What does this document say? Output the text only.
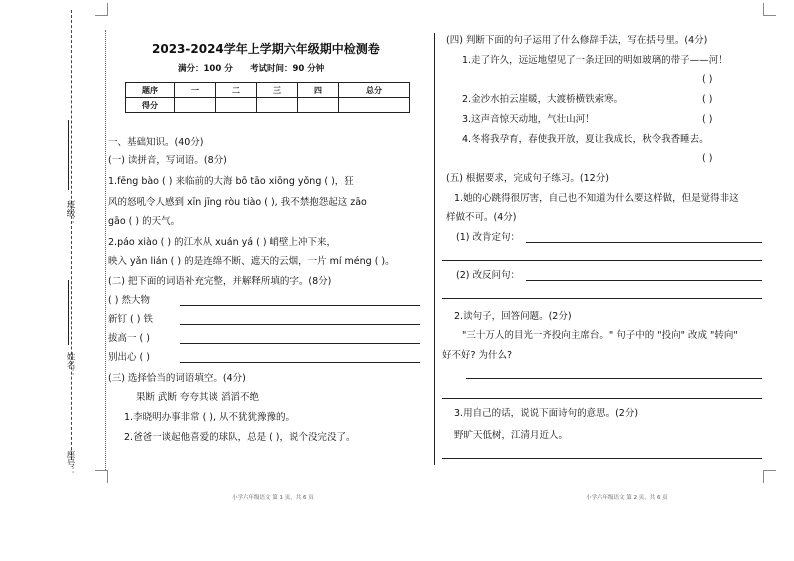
班级：
姓名：
座号：
2023-2024学年上学期六年级期中检测卷
满分：100 分 考试时间：90 分钟
题序	一	二	三	四	总分
得分					
一、基础知识。(40分)
(一) 读拼音，写词语。(8分)
1.fēng bào ( ) 来临前的大海 bō tāo xiōng yǒng ( )，狂
风的怒吼令人感到 xīn jīng ròu tiào ( ), 我不禁抱怨起这 zāo
gāo ( ) 的天气。
2.páo xiào ( ) 的江水从 xuán yá ( ) 峭壁上冲下来，
映入 yǎn lián ( ) 的是连绵不断、遮天的云烟，一片 mí méng ( )。
(二) 把下面的词语补充完整，并解释所填的字。(8分)
( ) 然大物
新钉 ( ) 铁
拔高一 ( )
别出心 ( )
(三) 选择恰当的词语填空。(4分)
果断 武断 夸夸其谈 滔滔不绝
1.李晓明办事非常 ( ), 从不犹犹豫豫的。
2.爸爸一谈起他喜爱的球队，总是 ( )，说个没完没了。
小学六年级语文 第 1 页，共 6 页
(四) 判断下面的句子运用了什么修辞手法，写在括号里。(4分)
1.走了许久，远远地望见了一条迂回的明如玻璃的带子——河！
( )
2.金沙水拍云崖暖，大渡桥横铁索寒。	( )
3.这声音惊天动地，气壮山河！	( )
4.冬将我孕育，春使我开放，夏让我成长，秋令我香睡去。
( )
(五) 根据要求，完成句子练习。(12分)
1.她的心跳得很厉害，自己也不知道为什么要这样做，但是觉得非这
样做不可。(4分)
(1) 改肯定句：
(2) 改反问句：
2.读句子，回答问题。(2分)
"三十万人的目光一齐投向主席台。" 句子中的 "投向" 改成 "转向"
好不好? 为什么?
3.用自己的话，说说下面诗句的意思。(2分)
野旷天低树，江清月近人。
小学六年级语文 第 2 页，共 6 页
